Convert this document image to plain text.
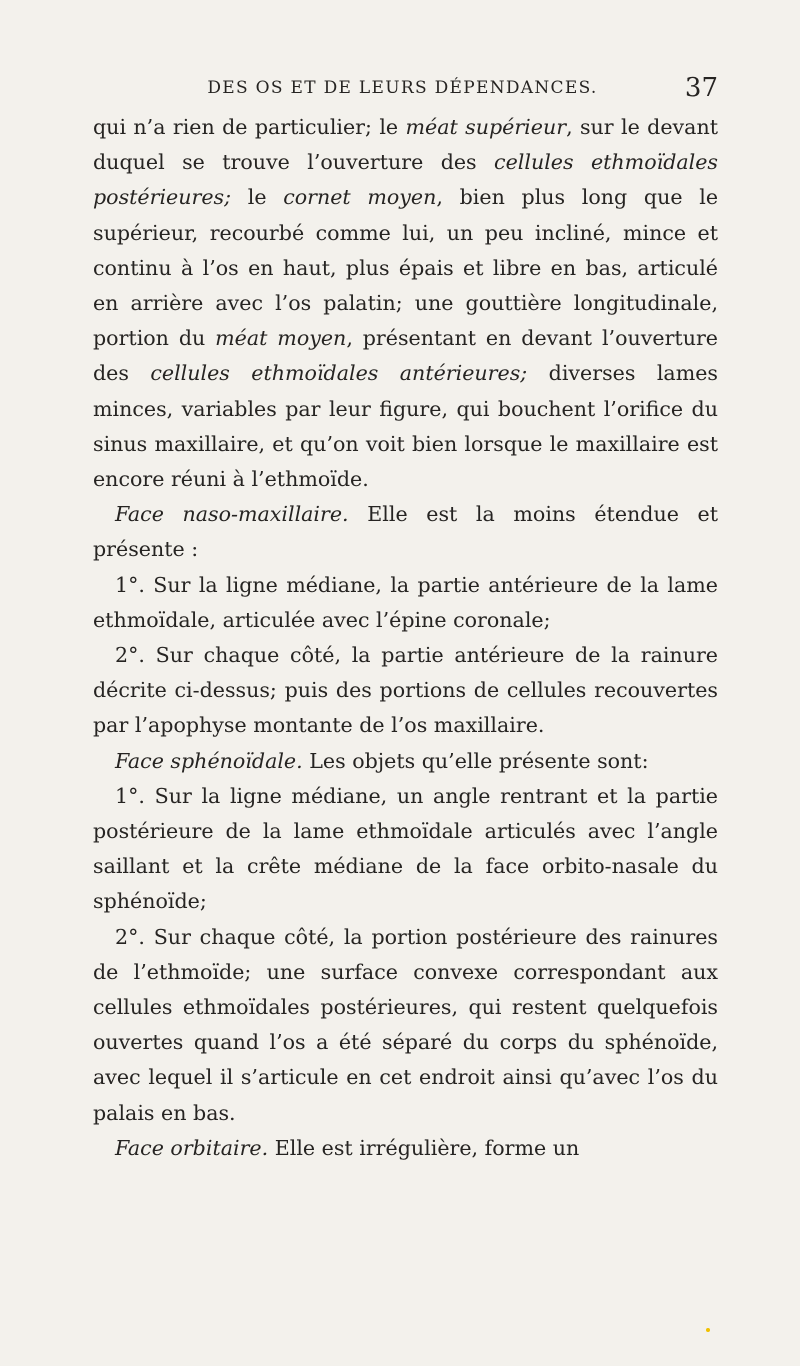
DES OS ET DE LEURS DÉPENDANCES.	37

qui n’a rien de particulier; le méat supérieur, sur le devant duquel se trouve l’ouverture des cellules ethmoïdales postérieures; le cornet moyen, bien plus long que le supérieur, recourbé comme lui, un peu incliné, mince et continu à l’os en haut, plus épais et libre en bas, articulé en arrière avec l’os palatin; une gouttière longitudinale, portion du méat moyen, présentant en devant l’ouverture des cellules ethmoïdales antérieures; diverses lames minces, variables par leur figure, qui bouchent l’orifice du sinus maxillaire, et qu’on voit bien lorsque le maxillaire est encore réuni à l’ethmoïde.

Face naso-maxillaire. Elle est la moins étendue et présente :

1°. Sur la ligne médiane, la partie antérieure de la lame ethmoïdale, articulée avec l’épine coronale;

2°. Sur chaque côté, la partie antérieure de la rainure décrite ci-dessus; puis des portions de cellules recouvertes par l’apophyse montante de l’os maxillaire.

Face sphénoïdale. Les objets qu’elle présente sont:

1°. Sur la ligne médiane, un angle rentrant et la partie postérieure de la lame ethmoïdale articulés avec l’angle saillant et la crête médiane de la face orbito-nasale du sphénoïde;

2°. Sur chaque côté, la portion postérieure des rainures de l’ethmoïde; une surface convexe correspondant aux cellules ethmoïdales postérieures, qui restent quelquefois ouvertes quand l’os a été séparé du corps du sphénoïde, avec lequel il s’articule en cet endroit ainsi qu’avec l’os du palais en bas.

Face orbitaire. Elle est irrégulière, forme un
